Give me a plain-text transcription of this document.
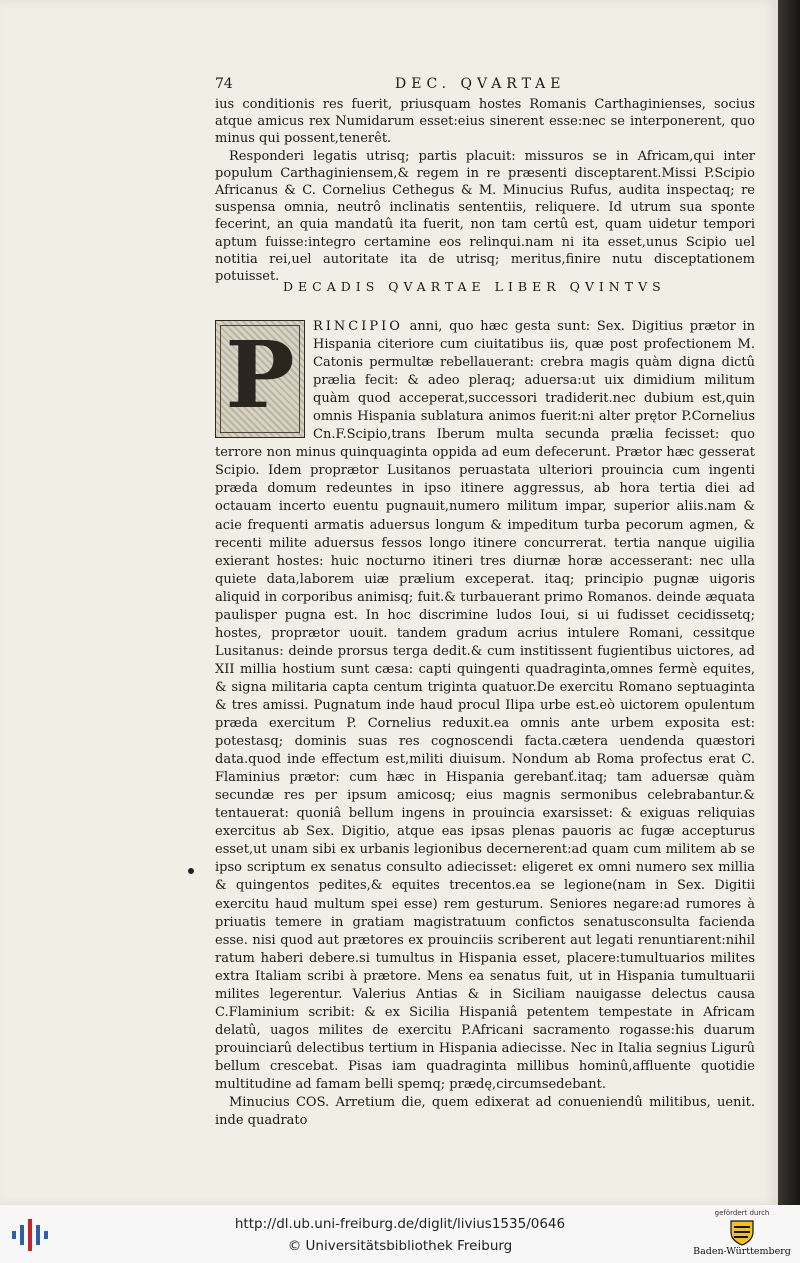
74	DEC. QVARTAE

ius conditionis res fuerit, priusquam hostes Romanis Carthaginienses, socius atque amicus rex Numidarum esset:eius sinerent esse:nec se interponerent, quo minus qui possent,tenerêt.

Responderi legatis utrisq; partis placuit: missuros se in Africam,qui inter populum Carthaginiensem,& regem in re præsenti disceptarent.Missi P.Scipio Africanus & C. Cornelius Cethegus & M. Minucius Rufus, audita inspectaq; re suspensa omnia, neutrô inclinatis sententiis, reliquere. Id utrum sua sponte fecerint, an quia mandatû ita fuerit, non tam certû est, quam uidetur tempori aptum fuisse:integro certamine eos relinqui.nam ni ita esset,unus Scipio uel notitia rei,uel autoritate ita de utrisq; meritus,finire nutu disceptationem potuisset.

DECADIS QVARTAE LIBER QVINTVS
P	RINCIPIO anni, quo hæc gesta sunt: Sex. Digitius prætor in Hispania citeriore cum ciuitatibus iis, quæ post profectionem M. Catonis permultæ rebellauerant: crebra magis quàm digna dictû prælia fecit: & adeo pleraq; aduersa:ut uix dimidium militum quàm quod acceperat,successori tradiderit.nec dubium est,quin omnis Hispania sublatura animos fuerit:ni alter prętor P.Cornelius Cn.F.Scipio,trans Iberum multa secunda prælia fecisset: quo terrore non minus quinquaginta oppida ad eum defecerunt. Prætor hæc gesserat Scipio. Idem proprætor Lusitanos peruastata ulteriori prouincia cum ingenti præda domum redeuntes in ipso itinere aggressus, ab hora tertia diei ad octauam incerto euentu pugnauit,numero militum impar, superior aliis.nam & acie frequenti armatis aduersus longum & impeditum turba pecorum agmen, & recenti milite aduersus fessos longo itinere concurrerat. tertia nanque uigilia exierant hostes: huic nocturno itineri tres diurnæ horæ accesserant: nec ulla quiete data,laborem uiæ prælium exceperat. itaq; principio pugnæ uigoris aliquid in corporibus animisq; fuit.& turbauerant primo Romanos. deinde æquata paulisper pugna est. In hoc discrimine ludos Ioui, si ui fudisset cecidissetq; hostes, proprætor uouit. tandem gradum acrius intulere Romani, cessitque Lusitanus: deinde prorsus terga dedit.& cum institissent fugientibus uictores, ad XII millia hostium sunt cæsa: capti quingenti quadraginta,omnes fermè equites, & signa militaria capta centum triginta quatuor.De exercitu Romano septuaginta & tres amissi. Pugnatum inde haud procul Ilipa urbe est.eò uictorem opulentum præda exercitum P. Cornelius reduxit.ea omnis ante urbem exposita est: potestasq; dominis suas res cognoscendi facta.cætera uendenda quæstori data.quod inde effectum est,militi diuisum. Nondum ab Roma profectus erat C. Flaminius prætor: cum hæc in Hispania gerebanť.itaq; tam aduersæ quàm secundæ res per ipsum amicosq; eius magnis sermonibus celebrabantur.& tentauerat: quoniâ bellum ingens in prouincia exarsisset: & exiguas reliquias exercitus ab Sex. Digitio, atque eas ipsas plenas pauoris ac fugæ accepturus esset,ut unam sibi ex urbanis legionibus decernerent:ad quam cum militem ab se ipso scriptum ex senatus consulto adiecisset: eligeret ex omni numero sex millia & quingentos pedites,& equites trecentos.ea se legione(nam in Sex. Digitii exercitu haud multum spei esse) rem gesturum. Seniores negare:ad rumores à priuatis temere in gratiam magistratuum confictos senatusconsulta facienda esse. nisi quod aut prætores ex prouinciis scriberent aut legati renuntiarent:nihil ratum haberi debere.si tumultus in Hispania esset, placere:tumultuarios milites extra Italiam scribi à prætore. Mens ea senatus fuit, ut in Hispania tumultuarii milites legerentur. Valerius Antias & in Siciliam nauigasse delectus causa C.Flaminium scribit: & ex Sicilia Hispaniâ petentem tempestate in Africam delatû, uagos milites de exercitu P.Africani sacramento rogasse:his duarum prouinciarû delectibus tertium in Hispania adiecisse. Nec in Italia segnius Ligurû bellum crescebat. Pisas iam quadraginta millibus hominû,affluente quotidie multitudine ad famam belli spemq; prædę,circumsedebant.

Minucius COS. Arretium die, quem edixerat ad conueniendû militibus, uenit. inde quadrato

http://dl.ub.uni-freiburg.de/diglit/livius1535/0646
© Universitätsbibliothek Freiburg
gefördert durch
Baden-Württemberg
